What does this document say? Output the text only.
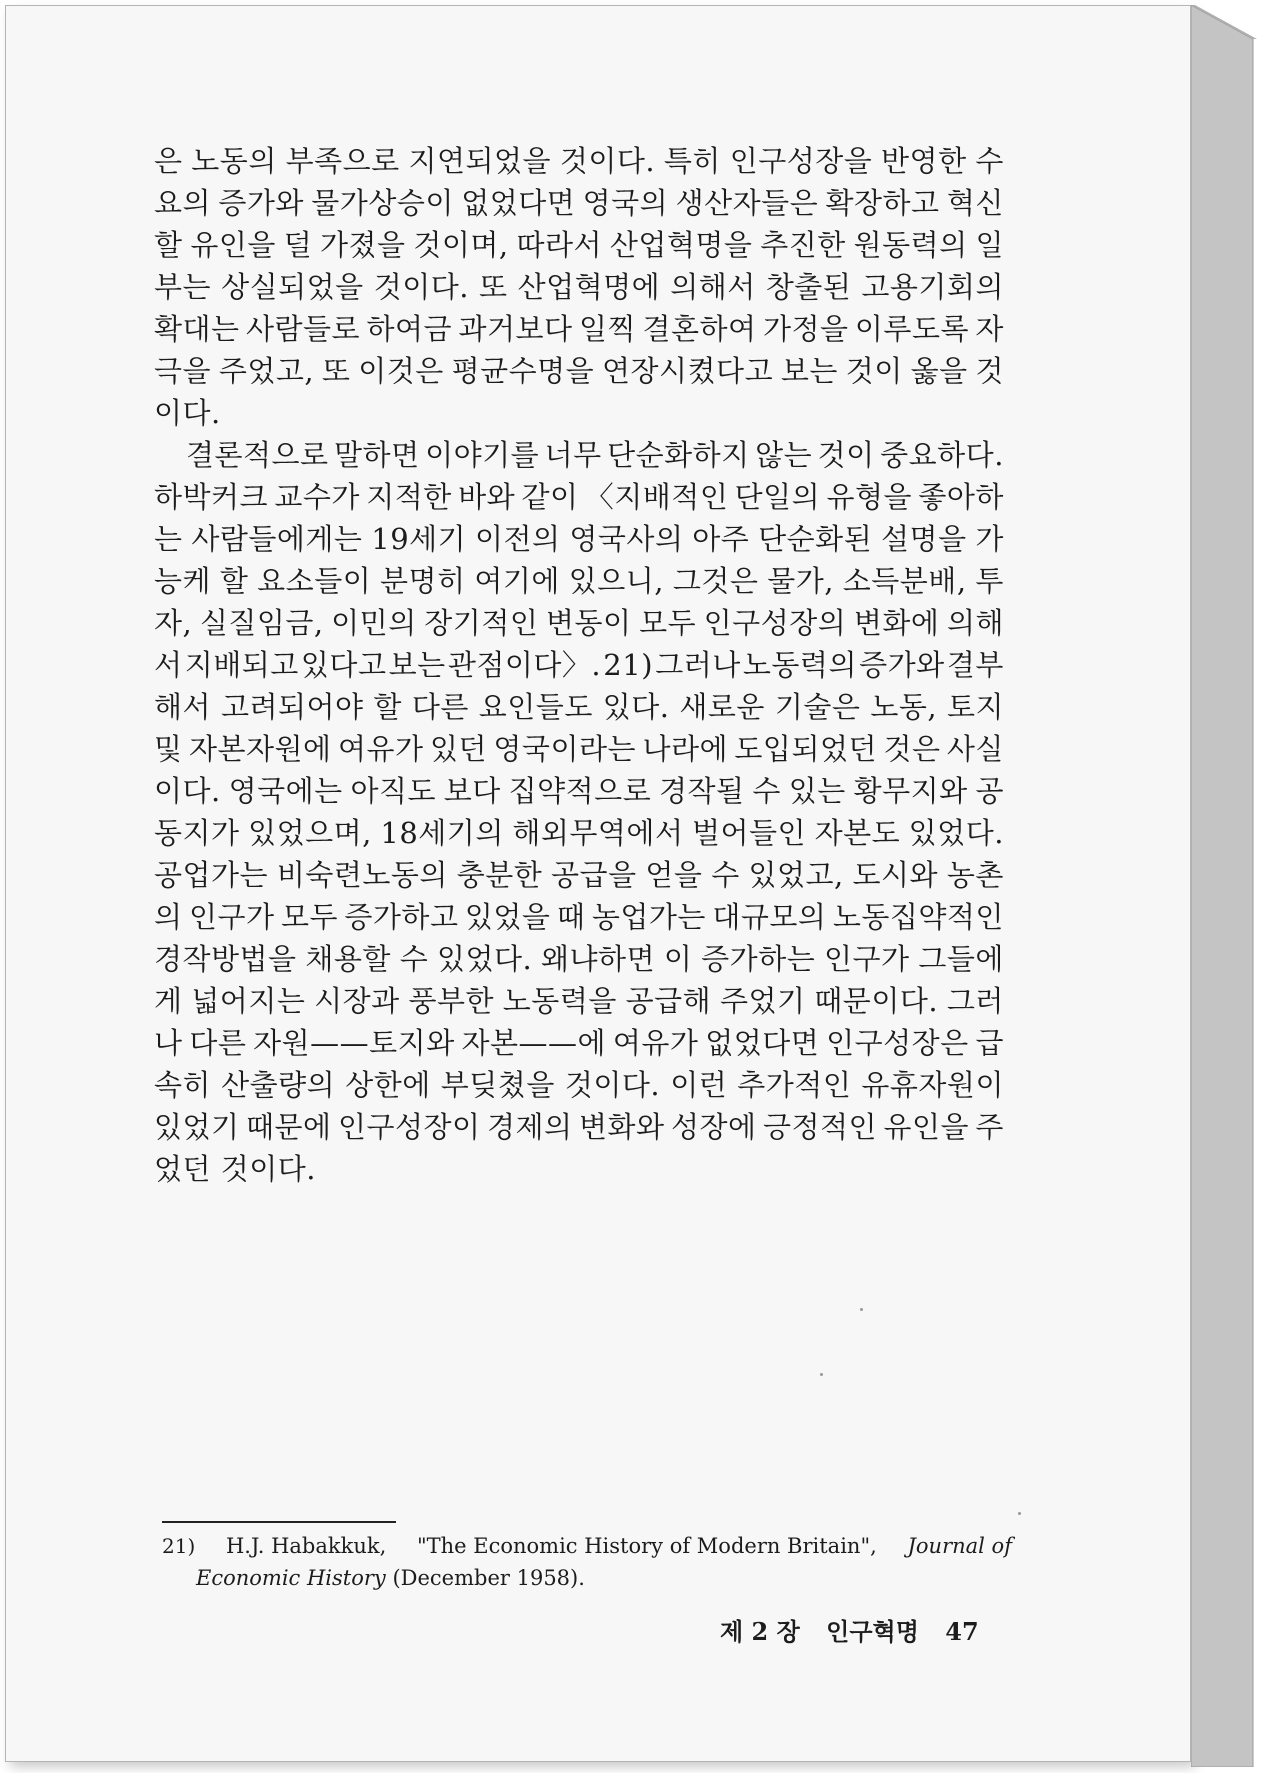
은 노동의 부족으로 지연되었을 것이다. 특히 인구성장을 반영한 수
요의 증가와 물가상승이 없었다면 영국의 생산자들은 확장하고 혁신
할 유인을 덜 가졌을 것이며, 따라서 산업혁명을 추진한 원동력의 일
부는 상실되었을 것이다. 또 산업혁명에 의해서 창출된 고용기회의
확대는 사람들로 하여금 과거보다 일찍 결혼하여 가정을 이루도록 자
극을 주었고, 또 이것은 평균수명을 연장시켰다고 보는 것이 옳을 것
이다.
결론적으로 말하면 이야기를 너무 단순화하지 않는 것이 중요하다.
하박커크 교수가 지적한 바와 같이 〈지배적인 단일의 유형을 좋아하
는 사람들에게는 19세기 이전의 영국사의 아주 단순화된 설명을 가
능케 할 요소들이 분명히 여기에 있으니, 그것은 물가, 소득분배, 투
자, 실질임금, 이민의 장기적인 변동이 모두 인구성장의 변화에 의해
서 지배되고 있다고 보는 관점이다〉. 21) 그러나 노동력의 증가와 결부
해서 고려되어야 할 다른 요인들도 있다. 새로운 기술은 노동, 토지
및 자본자원에 여유가 있던 영국이라는 나라에 도입되었던 것은 사실
이다. 영국에는 아직도 보다 집약적으로 경작될 수 있는 황무지와 공
동지가 있었으며, 18세기의 해외무역에서 벌어들인 자본도 있었다.
공업가는 비숙련노동의 충분한 공급을 얻을 수 있었고, 도시와 농촌
의 인구가 모두 증가하고 있었을 때 농업가는 대규모의 노동집약적인
경작방법을 채용할 수 있었다. 왜냐하면 이 증가하는 인구가 그들에
게 넓어지는 시장과 풍부한 노동력을 공급해 주었기 때문이다. 그러
나 다른 자원——토지와 자본——에 여유가 없었다면 인구성장은 급
속히 산출량의 상한에 부딪쳤을 것이다. 이런 추가적인 유휴자원이
있었기 때문에 인구성장이 경제의 변화와 성장에 긍정적인 유인을 주
었던 것이다.
21) H.J. Habakkuk, "The Economic History of Modern Britain", Journal of
Economic History
(December 1958).
제 2 장 인구혁명 47
